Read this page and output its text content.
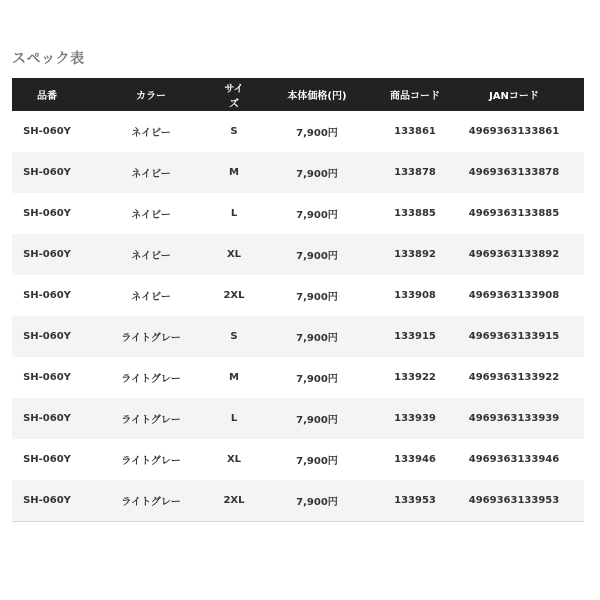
スペック表
品番	カラー	サイズ	本体価格(円)	商品コード	JANコード
SH-060Y	ネイビー	S	7,900円	133861	4969363133861
SH-060Y	ネイビー	M	7,900円	133878	4969363133878
SH-060Y	ネイビー	L	7,900円	133885	4969363133885
SH-060Y	ネイビー	XL	7,900円	133892	4969363133892
SH-060Y	ネイビー	2XL	7,900円	133908	4969363133908
SH-060Y	ライトグレー	S	7,900円	133915	4969363133915
SH-060Y	ライトグレー	M	7,900円	133922	4969363133922
SH-060Y	ライトグレー	L	7,900円	133939	4969363133939
SH-060Y	ライトグレー	XL	7,900円	133946	4969363133946
SH-060Y	ライトグレー	2XL	7,900円	133953	4969363133953
